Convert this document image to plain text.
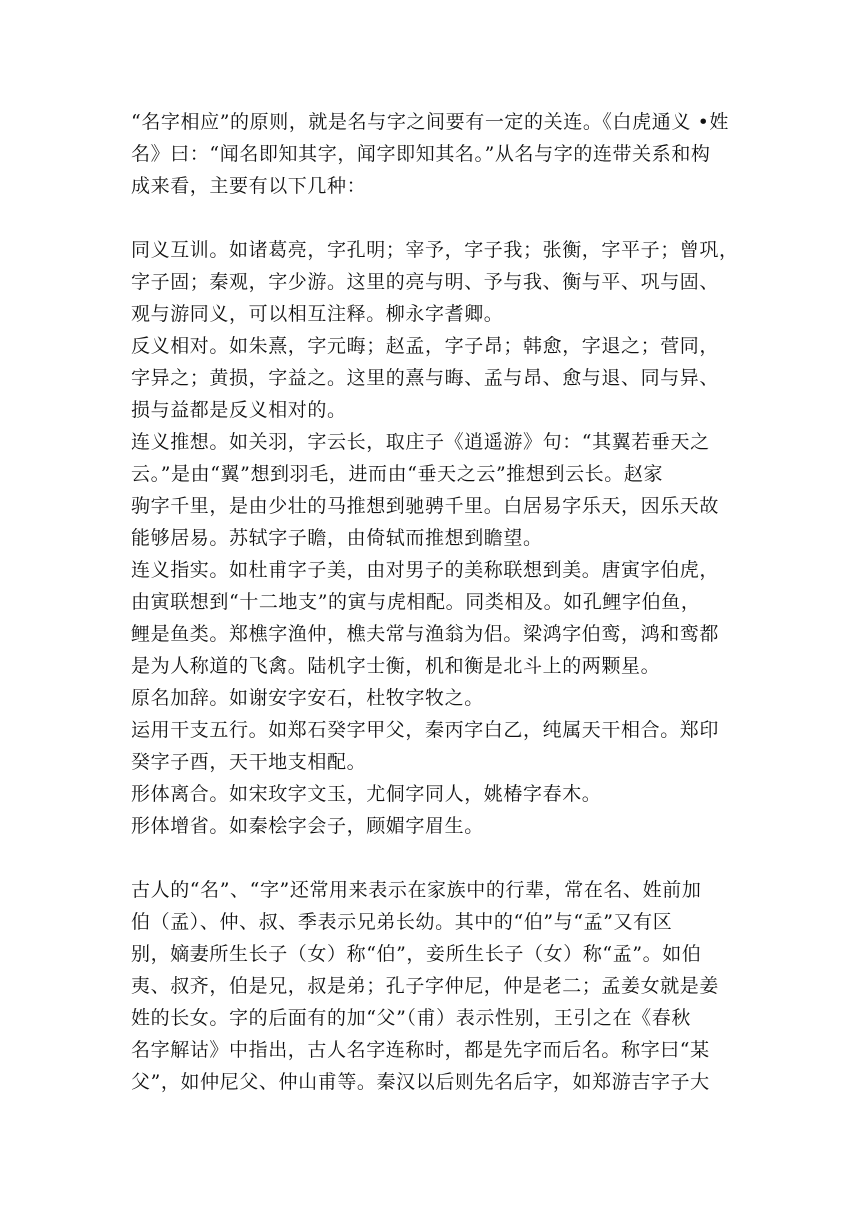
“名字相应”的原则，就是名与字之间要有一定的关连。《白虎通义 •姓
名》曰：“闻名即知其字，闻字即知其名。”从名与字的连带关系和构
成来看，主要有以下几种：
同义互训。如诸葛亮，字孔明；宰予，字子我；张衡，字平子；曾巩，
字子固；秦观，字少游。这里的亮与明、予与我、衡与平、巩与固、
观与游同义，可以相互注释。柳永字耆卿。
反义相对。如朱熹，字元晦；赵孟，字子昂；韩愈，字退之；菅同，
字异之；黄损，字益之。这里的熹与晦、孟与昂、愈与退、同与异、
损与益都是反义相对的。
连义推想。如关羽，字云长，取庄子《逍遥游》句：“其翼若垂天之
云。”是由“翼”想到羽毛，进而由“垂天之云”推想到云长。赵家
驹字千里，是由少壮的马推想到驰骋千里。白居易字乐天，因乐天故
能够居易。苏轼字子瞻，由倚轼而推想到瞻望。
连义指实。如杜甫字子美，由对男子的美称联想到美。唐寅字伯虎，
由寅联想到“十二地支”的寅与虎相配。同类相及。如孔鲤字伯鱼，
鲤是鱼类。郑樵字渔仲，樵夫常与渔翁为侣。梁鸿字伯鸾，鸿和鸾都
是为人称道的飞禽。陆机字士衡，机和衡是北斗上的两颗星。
原名加辞。如谢安字安石，杜牧字牧之。
运用干支五行。如郑石癸字甲父，秦丙字白乙，纯属天干相合。郑印
癸字子酉，天干地支相配。
形体离合。如宋玫字文玉，尤侗字同人，姚椿字春木。
形体增省。如秦桧字会子，顾媚字眉生。
古人的“名”、“字”还常用来表示在家族中的行辈，常在名、姓前加
伯（孟）、仲、叔、季表示兄弟长幼。其中的“伯”与“孟”又有区
别，嫡妻所生长子（女）称“伯”，妾所生长子（女）称“孟”。如伯
夷、叔齐，伯是兄，叔是弟；孔子字仲尼，仲是老二；孟姜女就是姜
姓的长女。字的后面有的加“父”（甫）表示性别，王引之在《春秋
名字解诂》中指出，古人名字连称时，都是先字而后名。称字曰“某
父”，如仲尼父、仲山甫等。秦汉以后则先名后字，如郑游吉字子大
